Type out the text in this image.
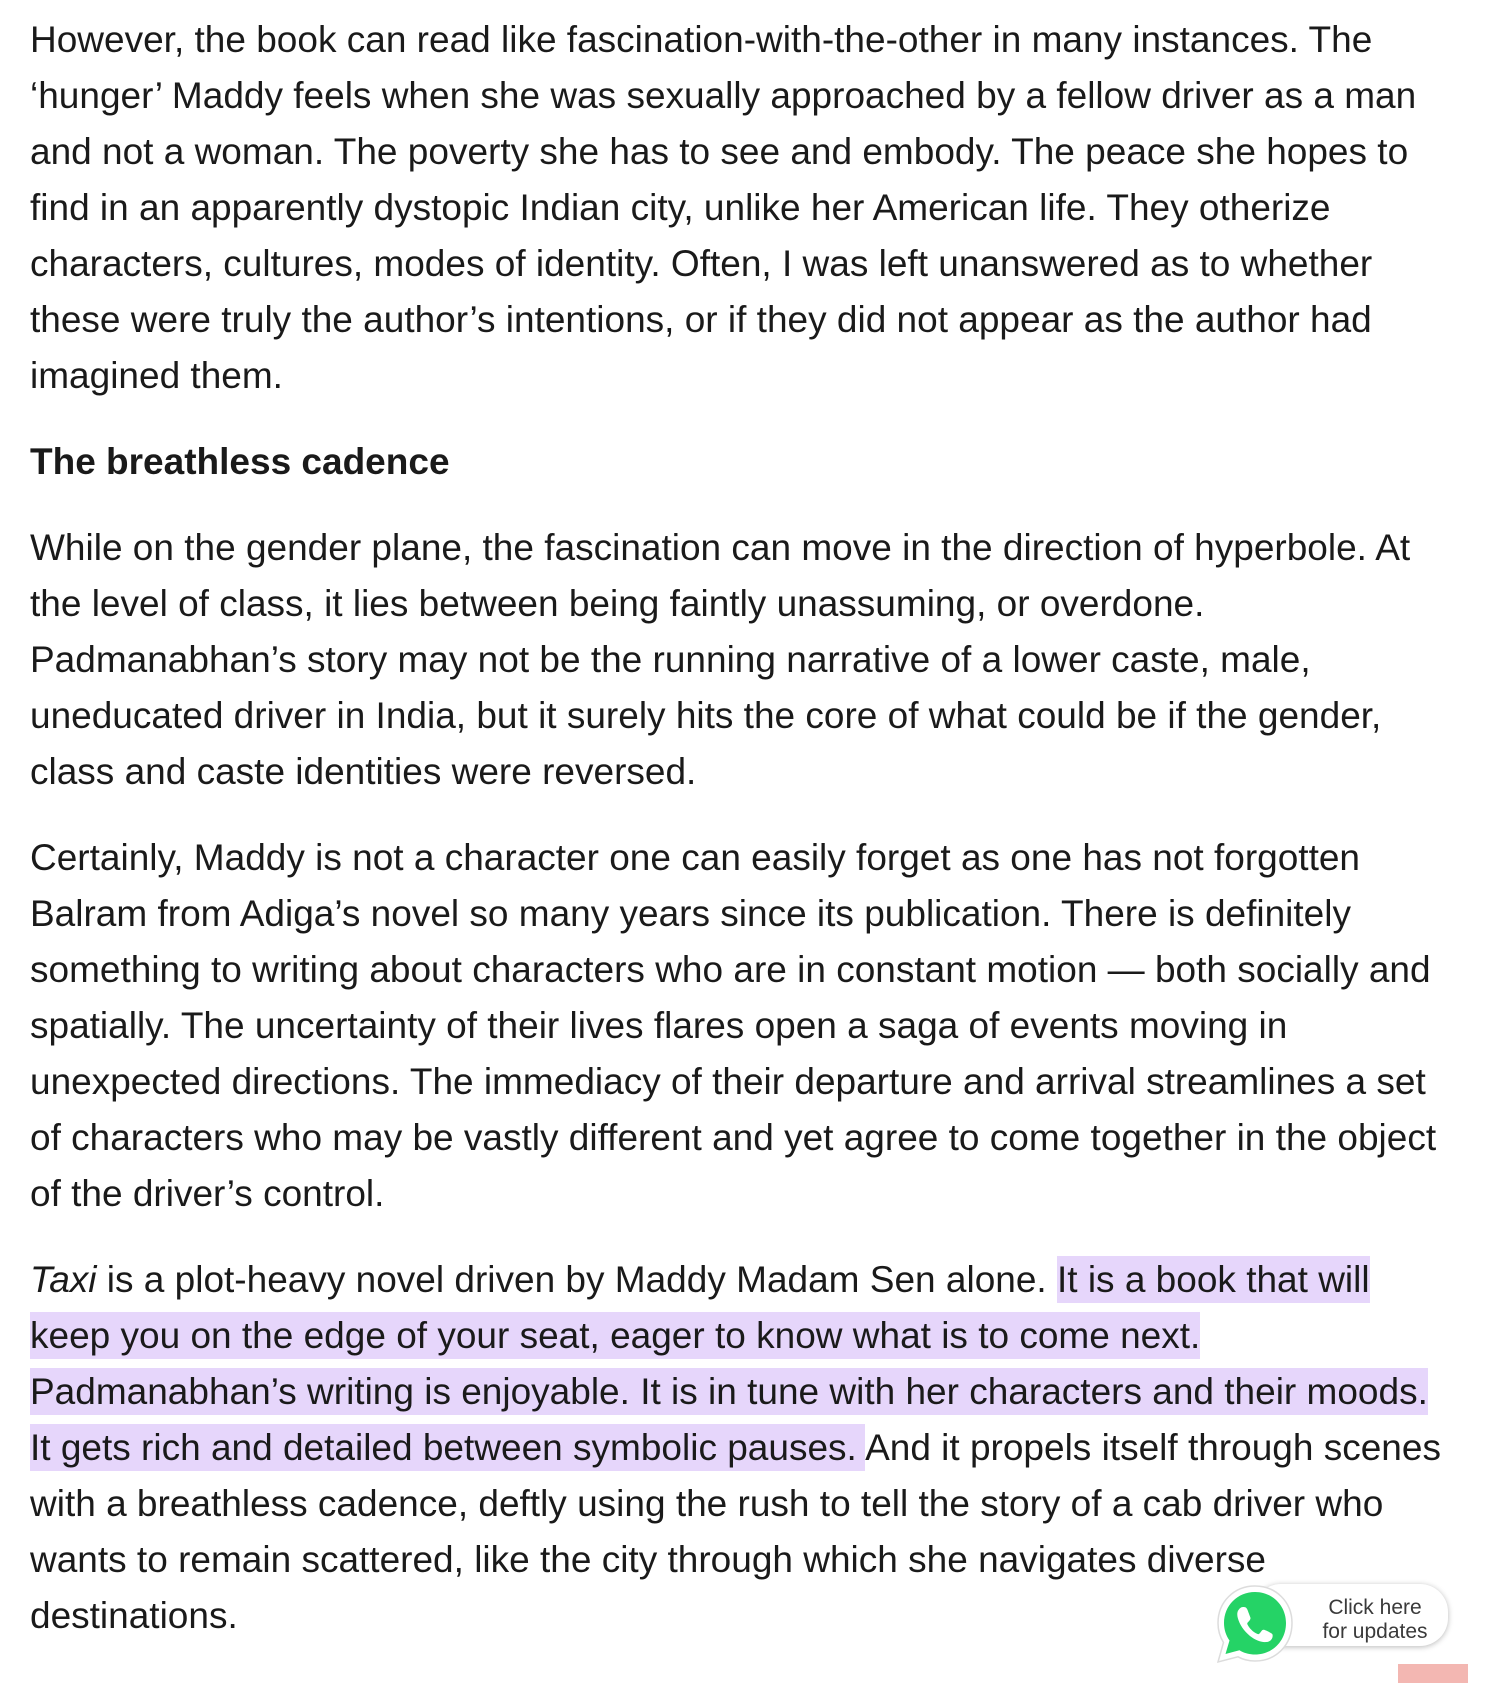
However, the book can read like fascination-with-the-other in many instances. The ‘hunger’ Maddy feels when she was sexually approached by a fellow driver as a man and not a woman. The poverty she has to see and embody. The peace she hopes to find in an apparently dystopic Indian city, unlike her American life. They otherize characters, cultures, modes of identity. Often, I was left unanswered as to whether these were truly the author’s intentions, or if they did not appear as the author had imagined them.

The breathless cadence

While on the gender plane, the fascination can move in the direction of hyperbole. At the level of class, it lies between being faintly unassuming, or overdone. Padmanabhan’s story may not be the running narrative of a lower caste, male, uneducated driver in India, but it surely hits the core of what could be if the gender, class and caste identities were reversed.

Certainly, Maddy is not a character one can easily forget as one has not forgotten Balram from Adiga’s novel so many years since its publication. There is definitely something to writing about characters who are in constant motion — both socially and spatially. The uncertainty of their lives flares open a saga of events moving in unexpected directions. The immediacy of their departure and arrival streamlines a set of characters who may be vastly different and yet agree to come together in the object of the driver’s control.

Taxi is a plot-heavy novel driven by Maddy Madam Sen alone. It is a book that will keep you on the edge of your seat, eager to know what is to come next. Padmanabhan’s writing is enjoyable. It is in tune with her characters and their moods. It gets rich and detailed between symbolic pauses. And it propels itself through scenes with a breathless cadence, deftly using the rush to tell the story of a cab driver who wants to remain scattered, like the city through which she navigates diverse destinations.	Click here
for updates
